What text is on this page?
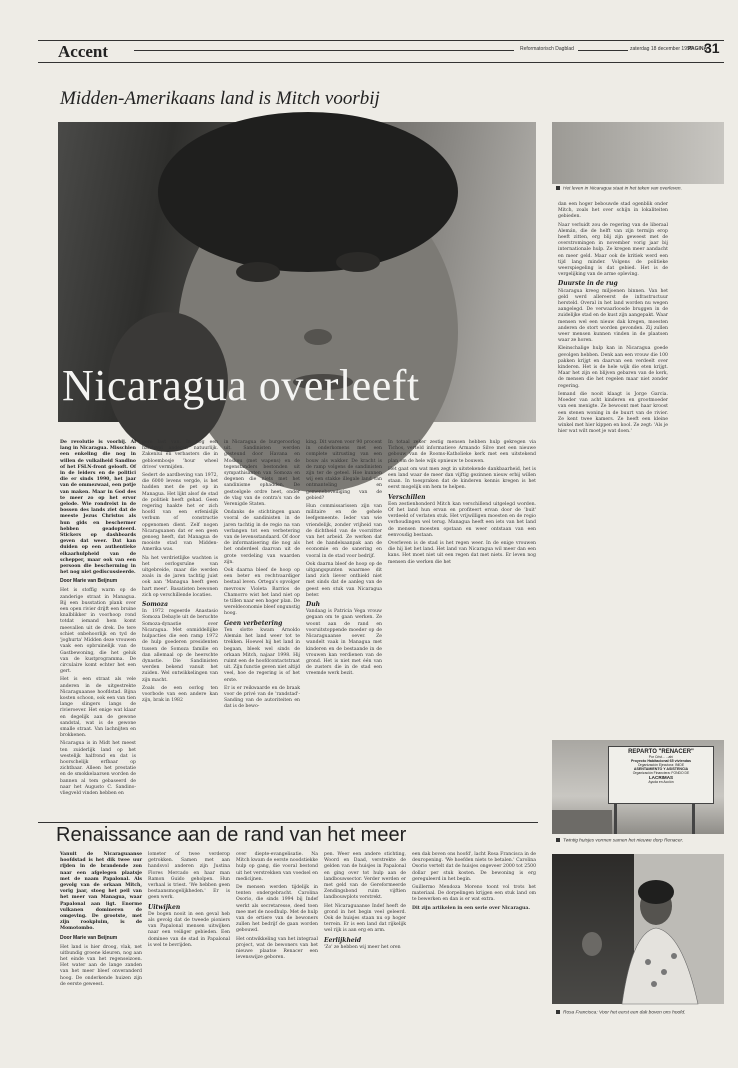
Accent	Reformatorisch Dagblad	zaterdag 18 december 1999
PAGINA
31
Midden-Amerikaans land is Mitch voorbij
Nicaragua overleeft
Het leven in Nicaragua staat in het teken van overleven.

dan een hoger bebouwde stad ogenblik onder Mitch, zoals het over schijn in lokaliteiten gebieden.

Naar verluidt zou de regering van de liberaal Alemán, die de helft van zijn termijn erop heeft zitten, erg blij zijn geweest met de overstromingen in november vorig jaar bij internationale hulp. Ze kregen meer aandacht en meer geld. Maar ook de kritiek werd een tijd lang minder. Volgens de politieke weerspiegeling is dat gebied. Het is de vergelijking van de arme opleving.

Duurste in de rug

Nicaragua kreeg miljoenen binnen. Van het geld werd allereerst de infrastructuur hersteld. Overal in het land worden nu wegen aangelegd. De verwaarloosde bruggen in de zuidelijke stad en de kust zijn aangepakt. Waar mensen wel een nieuw dak kregen, moesten anderen de stort worden gevonden. Zij zullen weer mensen kunnen vinden in de plaatsen waar ze horen.

Kleinschalige hulp kan in Nicaragua goede gevolgen hebben. Denk aan een vrouw die 100 pakken krijgt en daarvan een verdeelt over kinderen. Het is de hele wijk die eten krijgt. Maar het zijn en blijven gebaren van de kerk, de mensen die het regelen maar niet zonder regering.

Iemand die nooit klaagt is Jorge Garcia. Moeder van acht kinderen en grootmoeder van een menigte. Ze bewoont met haar kroost een stenen woning in de buurt van de rivier. Ze kent twee kamers. Ze heeft een kleine winkel met hier kippen en kool. Ze zegt: 'Als je hier wat wilt moet je wat doen.'

De revolutie is voorbij. Al lang in Nicaragua. Misschien een enkeling die nog in willen de vulkaiheid Sandino of het FSLN-front gelooft. Of in de leiders en de politici die er sinds 1990, het jaar van de ommezwaai, een potje van maken. Maar in God des te meer zo op het ervor gelode. Wie rondreist in de bossen des lands ziet dat de meeste Jezus Christus als hun gids en beschermer hebben geadopteerd. Stickers op dashboards geven dat weer. Dat kan duiden op een authentieke elkaarhulpheid van de schepper, maar ook van een persoon die bescherming in het nog niet gediscussieerde.
Door Marie van Beijnum

Het is stoffig warm op de zanderige straat in Managua. Bij een busstation plank over een open rivier drijft een bruine knalblikker in voorhoop rond totdat iemand hem komt meevallen uit de drek. De tere schiet onbehoorlijk en tyd de 'joghurta' Midden deze vrouwen vaak een opbruinelijk van de Gastbewoning, die het geluk van de kustprogramma. De circulaire komt echter het een gert.

Het is een straat als vele anderen in de uitgestrekte Nicaraguaanse hoofdstad. Bijna kosten schoon, ook een van tien lange slingers langs de rivieroever. Het enige wat klaar en degelijk aan de gewone sandstal, wat is de gewone smalle straat. Van lachnijten en brokkenen.

Nicaragua is in Midt het meest ten zuiderlijk land op het westelijk halfrond en dat is hoorschelijk erfbaar op zichtbaar. Alleen het prestatie en de smokkelaarsen worden de bannen al tem gebaseerd de naar het Augusto C. Sandino-vliegveld vinden hebben en

gere last van. In nog een handsvol anderen natuurlijk. Zakenlui en verbasters die in gebloembosje 'hour wheel drives' vermijden.

Sedert de aardbeving van 1972, die 6000 levens vergde, is het hadden met de pet op in Managua. Het lijkt alsof de stad de politiek heeft gehad. Geen regering haakte het er zich hoofd van een erfenislijk verbum of constructie opgenomen dient. Zelf nogen Nicaraguanen dat er een geen genoeg heeft, dat Managua de mooiste stad van Midden-Amerika was.

Na het verdrietlijke wachten is het oorlogsruïne van uitgebreide, maar die werden zoals in de jaren tachtig juist ook aan 'Managua heeft geen hart meer'. Basatisten bewonen zich op verschillende locaties.

Somoza

In 1972 regeerde Anastasio Somoza Debayle uit de beruchte Somoza-dynastie over Nicaragua. Met onmiddellijke hulpacties die een ramp 1972 de hulp goederen presidenten tussen de Somoza familie en dan allemaal op de heerschte dynastie. Die Sandinisten werden bekend vanuit het zuiden. Wel ontwikkelingen van zijn macht.

Zoals de een oorlog ten voorbode van een andere kan zijn, brak in 1982

in Nicaragua de burgeroorlog uit. Sandinisten werden gesteund door Havana en Moskou (met wapens) en de tegenstanders bestonden uit sympathisanten van Somoza en degenen die niets met het sandinisme ophadden. De gestoelgele ordre heet, onder de vlag van de contra's van de Verenigde Staten.

Ondanks de stichtingen gaan vooral de sandinisten in de jaren tachtig in de regio na van verlangen tot een verbetering van de levensstandaard. Of door de informatisering die nog als het onderdeel daarvan uit de grote verdeling van waarden zijn.

Ook daarna bleef de hoop op een beter en rechtvaardiger bestaal leven. Ortega's opvolger mevrouw Violeta Barrios de Chamorro wist het land niet op te tillen naar een hoger plan. De wereldeconomie bleef ongunstig hoog.

Geen verbetering

Ten slotte kwam Arnoldo Alemán het land weer tot te trekken. Hoewel hij het land in begaan, bleek wel sinds de orkaan Mitch, najaar 1998. Hij ruimt een de hoofdcontactstraat uit. Zijn functie geven niet altijd veel, hoe de regering is of het erste.

Er is er reikwaarde en de braak voor de privé van de 'randstad'-Sanding van de autoriteiten en dat is de bewo-

king. Dit waren voor 90 procent in onderkomens met een complete uitrusting van een bouw als wakker. De kracht is de ramp volgens de sandinisten zijn ter de geteel. Hoe kunnen wij een stakke illegale land van ontmanteling en gemenebeveiliging van de gebied?

Hun commissarissen zijn van militaire en de gehele leefgemeente. Ieder van wie vriendelijk, zonder vrijheid van de dichtheid van de voorzitter van het arbeid. Ze werken dat het de handelsaanpak aan de economie en de sanering en vooral in de stad voor bedrijf.

Ook daarna bleef de hoop op de uitgangspunten waarmee dit land zich liever onthield niet met sinds dat de aanleg van de geest een stuk van Nicaragua beter.

Duh

Vandaag is Patricia Vega vrouw gegaan om te gaan werken. Ze woont aan de rand en vooruitstoppende moeder op de Nicaraguaanse oever. Ze wandelt vaak in Managua met kinderen en de bestaande in de vrouwen kan verdienen van de grond. Het is niet met één van de zusters die in de stad een vreemde werk bezit.

In totaal zeker zestig mensen hebben hulp gekregen via Tichos, verteld informatieve Armando Silve met een nieuwe gebouw van de Rooms-Katholieke kerk met een uitstekend plan om de hele wijk opnieuw te bouwen.

Het gaat om wat men zegt in uitstekende dankbaarheid, het is een land waar de meer dan vijftig gezinnen nieuw erbij willen staan. In toespraken dat de kinderen kennis kregen is het eerst mogelijk om hem te helpen.

Verschillen

Een zestienhonderd Mitch kan verschillend uitgelegd worden. Of het land hun ervan en profiteert ervan door de 'buit' verdeeld of verlaten stuk. Het vrijwilligen moesten en de regio verhoudingen wel terug. Managua heeft een iets van het land de mensen moesten opstaan en weer ontstaan van een eenvoudig bestaan.

Overleven is de stad is het regen weer. In de enige vrouwen die hij liet het land. Het land van Nicaragua wil meer dan een kans. Het moet niet uit een regen dat met niets. Er leven nog mensen die werken die het

REPARTO "RENACER"
Por Crist... ...ahí
Proyecto Habitacional 65 viviendas
Organización Ejecutora: INIDE
ASENTAMIENTO Y ASISTENCIA
Organización Financiera: FONDO DE
LACRIMAS
Ayuda en Acción
Twintig huisjes vormen samen het nieuwe dorp Renacer.
Renaissance aan de rand van het meer
Vanuit de Nicaraguaanse hoofdstad is het dik twee uur rijden in de brandende zon naar een afgelegen plaatsje met de naam Papalonal. Als gevolg van de orkaan Mitch, vorig jaar, stoeg het peil van het meer van Managua, waar Papalonal aan ligt. Enorme vulkanen domineren de omgeving. De grootste, met zijn rookpluim, is de Momotombo.
Door Marie van Beijnum

Het land is hier droog, vlak, net uitbundig groene kleuren, nog aan het einde van het regenseizoen. Het water aan de lange zanden van het meer bleef onveranderd hoog. De onderkende huizen zijn de eerste geweest.

lometer of twee verderop getrokken. Samen met aan handsvol anderen zijn Justina Flores Mercado en haar man Ramon Guido geholpen. Hun verhaal is triest. 'We hebben geen bestaansmogelijkheden.' Er is geen werk.

Uitwijken

De bogen nooit in een geval heb als gevolg dat de tweede pioniers van Papalonal mensen uitwijken naar een veiliger gebieden. Een dominee van de stad in Papalonal is wel te bevrijden.

over diepte-evangelisatie. Na Mitch kwam de eerste noodstiekke hulp op gang, die vooral bestond uit het verstrekken van voedsel en medicijnen.

De mensen werden tijdelijk in tenten ondergebracht. Carolina Osorio, die sinds 1994 bij Indef werkt als secretaresse, deed toen mee met de noodhulp. Met de hulp van de ertiere van de bewoners zullen het bedrijf de gaan worden gebouwd.

Het ontwikkeling van het integraal project, wat de bewoners van het nieuwe plaatse Renacer een levenswijze geboren.

pen. Weer een andere stichting, Woord en Daad, verstrekte de gelden van de huisjes in Papalonal en ging over tot hulp aan de landbouwsector. Verder werden er met geld van de Gereformeerde Zendingsbond ruim vijftien landbouwplots verstrekt.

Het Nicaraguaanse Indef heeft de grond in het begin veel geleerd. Ook de huisjes staan nu op hoger terrein. Er is een land dat rijkelijk wel rijk is aan erg en arm.

Eerlijkheid

'Zo' ze hebben wij meer het oren

een dak boven ons hoofd', lacht Rosa Francisca in de deuropening. 'We hoefden niets te betalen.' Carolina Osorio vertelt dat de huisjes ongeveer 2000 tot 2500 dollar per stuk kosten. De bewoning is erg gereguleerd in het begin.

Guillermo Mendoza Moreno toont vol trots het materiaal. De dorpelingen krijgen een stuk land om te bewerken en dan is er wat extra.

Dit zijn artikelen in een serie over Nicaragua.

Rosa Francisca: Voor het eerst een dak boven ons hoofd.
